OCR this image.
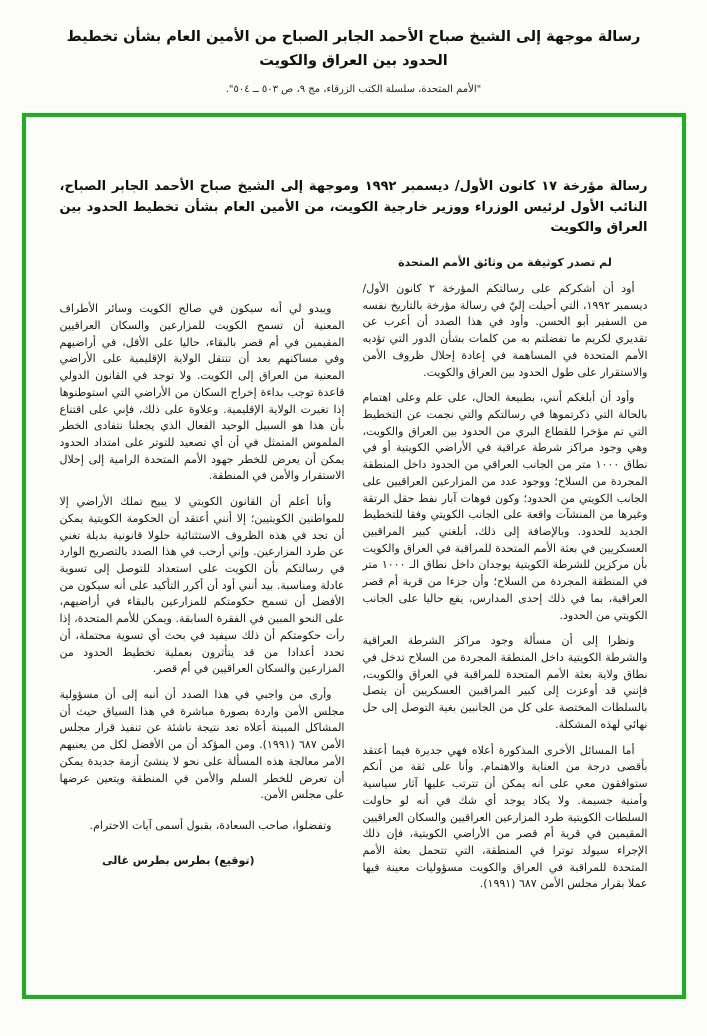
رسالة موجهة إلى الشيخ صباح الأحمد الجابر الصباح من الأمين العام بشأن تخطيط
الحدود بين العراق والكويت
"الأمم المتحدة، سلسلة الكتب الزرقاء، مج ٩، ص ٥٠٣ ــ ٥٠٤".
رسالة مؤرخة ١٧ كانون الأول/ ديسمبر ١٩٩٢ وموجهة إلى الشيخ صباح الأحمد الجابر الصباح، النائب الأول لرئيس الوزراء ووزير خارجية الكويت، من الأمين العام بشأن تخطيط الحدود بين العراق والكويت
لم تصدر كوثيقة من وثائق الأمم المتحدة

أود أن أشكركم على رسالتكم المؤرخة ٢ كانون الأول/ ديسمبر ١٩٩٢، التي أحيلت إليّ في رسالة مؤرخة بالتاريخ نفسه من السفير أبو الحسن. وأود في هذا الصدد أن أعرب عن تقديري لكريم ما تفضلتم به من كلمات بشأن الدور التي تؤديه الأمم المتحدة في المساهمة في إعادة إحلال ظروف الأمن والاستقرار على طول الحدود بين العراق والكويت.

وأود أن أبلغكم أنني، بطبيعة الحال، على علم وعلى اهتمام بالحالة التي ذكرتموها في رسالتكم والتي نجمت عن التخطيط التي تم مؤخرا للقطاع البري من الحدود بين العراق والكويت، وهي وجود مراكز شرطة عراقية في الأراضي الكويتية أو في نطاق ١٠٠٠ متر من الجانب العراقي من الحدود داخل المنطقة المجردة من السلاح؛ ووجود عدد من المزارعين العراقيين على الجانب الكويتي من الحدود؛ وكون فوهات آبار نفط حقل الرتقة وغيرها من المنشآت واقعة على الجانب الكويتي وفقا للتخطيط الجديد للحدود. وبالإضافة إلى ذلك، أبلغني كبير المراقبين العسكريين في بعثة الأمم المتحدة للمراقبة في العراق والكويت بأن مركزين للشرطة الكويتية يوجدان داخل نطاق الـ ١٠٠٠ متر في المنطقة المجردة من السلاح؛ وأن جزءا من قرية أم قصر العراقية، بما في ذلك إحدى المدارس، يقع حاليا على الجانب الكويتي من الحدود.

ونظرا إلى أن مسألة وجود مراكز الشرطة العراقية والشرطة الكويتية داخل المنطقة المجردة من السلاح تدخل في نطاق ولاية بعثة الأمم المتحدة للمراقبة في العراق والكويت، فإنني قد أوعزت إلى كبير المراقبين العسكريين أن يتصل بالسلطات المختصة على كل من الجانبين بغية التوصل إلى حل نهائي لهذه المشكلة.

أما المسائل الأخرى المذكورة أعلاه فهي جديرة فيما أعتقد بأقصى درجة من العناية والاهتمام. وأنا على ثقة من أنكم ستوافقون معي على أنه يمكن أن تترتب عليها آثار سياسية وأمنية جسيمة. ولا يكاد يوجد أي شك في أنه لو حاولت السلطات الكويتية طرد المزارعين العراقيين والسكان العراقيين المقيمين في قرية أم قصر من الأراضي الكويتية، فإن ذلك الإجراء سيولد توترا في المنطقة، التي تتحمل بعثة الأمم المتحدة للمراقبة في العراق والكويت مسؤوليات معينة فيها عملا بقرار مجلس الأمن ٦٨٧ (١٩٩١).

ويبدو لي أنه سيكون في صالح الكويت وسائر الأطراف المعنية أن تسمح الكويت للمزارعين والسكان العراقيين المقيمين في أم قصر بالبقاء، حاليا على الأقل، في أراضيهم وفي مساكنهم بعد أن تنتقل الولاية الإقليمية على الأراضي المعنية من العراق إلى الكويت. ولا توجد في القانون الدولي قاعدة توجب بداءة إخراج السكان من الأراضي التي استوطنوها إذا تغيرت الولاية الإقليمية. وعلاوة على ذلك، فإني على اقتناع بأن هذا هو السبيل الوحيد الفعال الذي يجعلنا نتفادى الخطر الملموس المتمثل في أن أي تصعيد للتوتر على امتداد الحدود يمكن أن يعرض للخطر جهود الأمم المتحدة الرامية إلى إحلال الاستقرار والأمن في المنطقة.

وأنا أعلم أن القانون الكويتي لا يبيح تملك الأراضي إلا للمواطنين الكويتيين؛ إلا أنني أعتقد أن الحكومة الكويتية يمكن أن تجد في هذه الظروف الاستثنائية حلولا قانونية بديلة تغني عن طرد المزارعين. وإني أرحب في هذا الصدد بالتصريح الوارد في رسالتكم بأن الكويت على استعداد للتوصل إلى تسوية عادلة ومناسبة. بيد أنني أود أن أكرر التأكيد على أنه سيكون من الأفضل أن تسمح حكومتكم للمزارعين بالبقاء في أراضيهم، على النحو المبين في الفقرة السابقة. ويمكن للأمم المتحدة، إذا رأت حكومتكم أن ذلك سيفيد في بحث أي تسوية محتملة، أن تحدد أعدادا من قد يتأثرون بعملية تخطيط الحدود من المزارعين والسكان العراقيين في أم قصر.

وأرى من واجبي في هذا الصدد أن أنبه إلى أن مسؤولية مجلس الأمن واردة بصورة مباشرة في هذا السياق حيث أن المشاكل المبينة أعلاه تعد نتيجة ناشئة عن تنفيذ قرار مجلس الأمن ٦٨٧ (١٩٩١). ومن المؤكد أن من الأفضل لكل من يعنيهم الأمر معالجة هذه المسألة على نحو لا ينشئ أزمة جديدة يمكن أن تعرض للخطر السلم والأمن في المنطقة ويتعين عرضها على مجلس الأمن.

وتفضلوا، صاحب السعادة، بقبول أسمى آيات الاحترام.

(توقيع) بطرس بطرس غالى
